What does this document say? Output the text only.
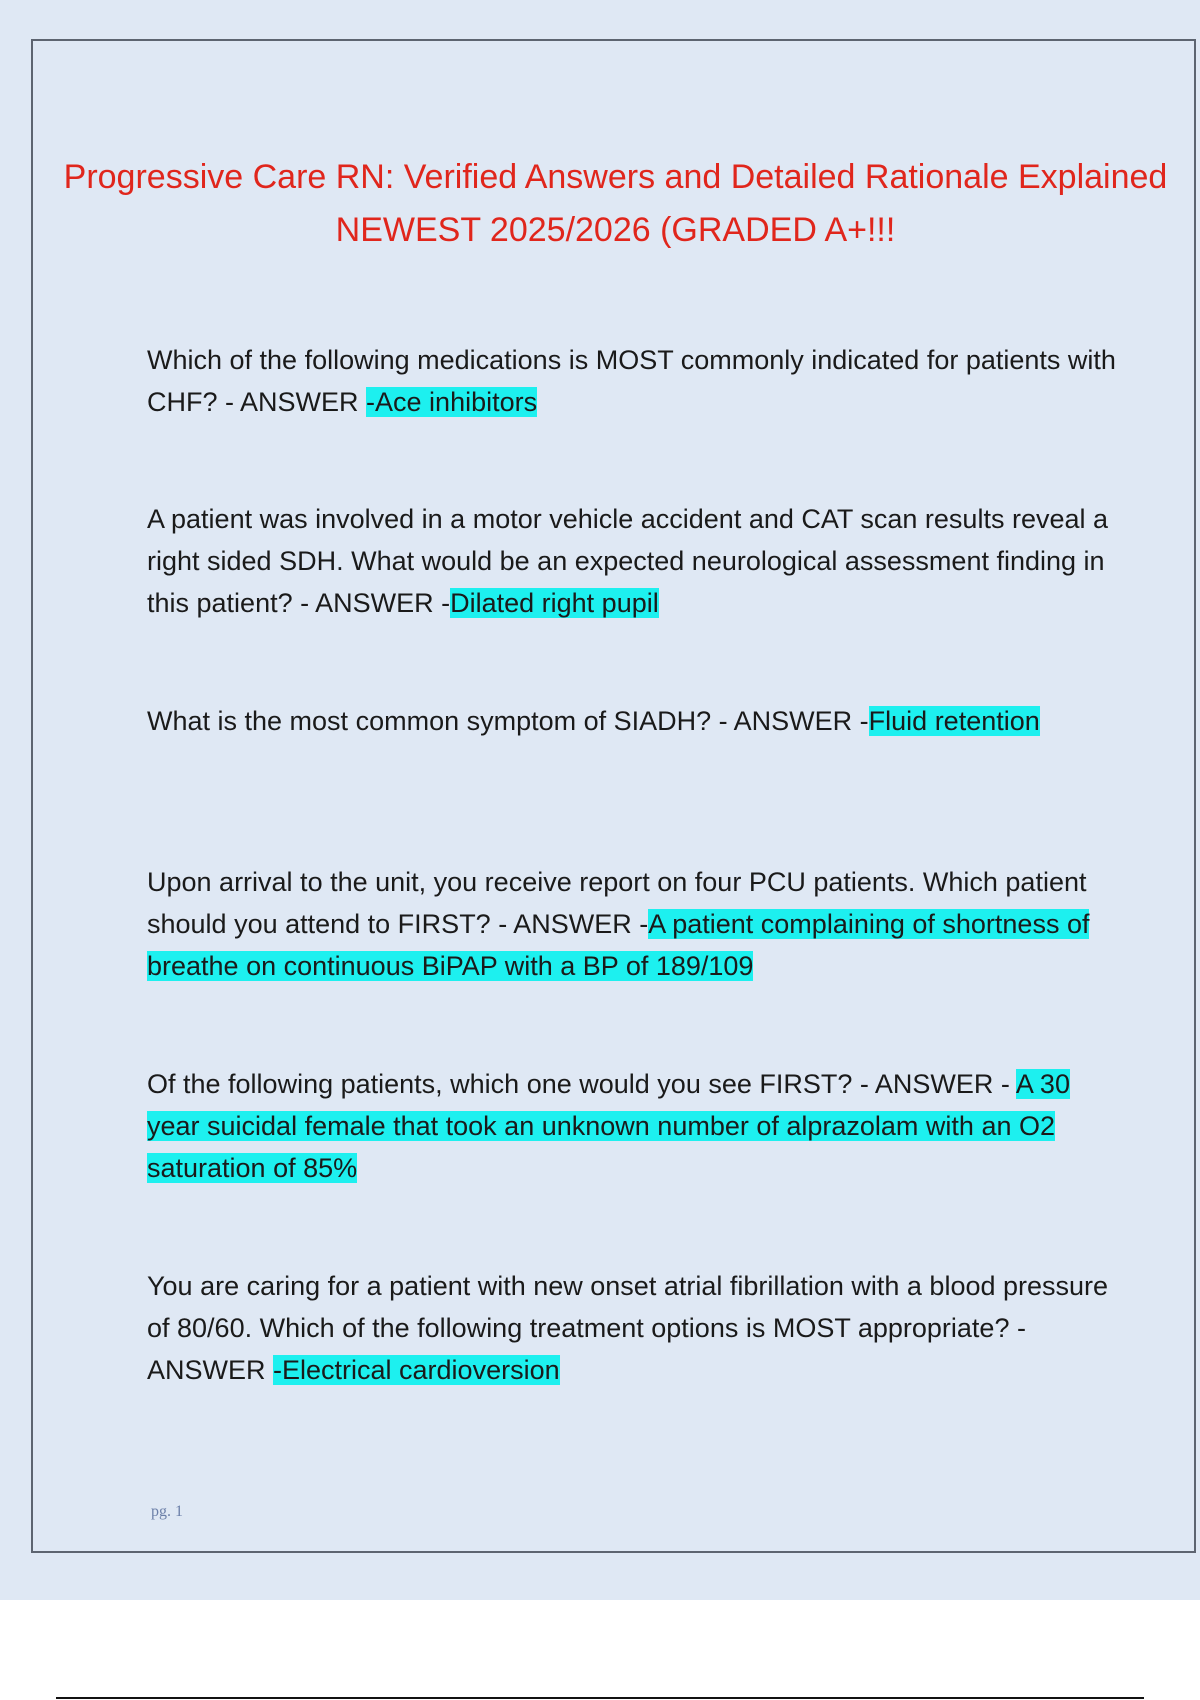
Progressive Care RN: Verified Answers and Detailed Rationale Explained NEWEST 2025/2026 (GRADED A+!!!
Which of the following medications is MOST commonly indicated for patients with CHF? - ANSWER -Ace inhibitors
A patient was involved in a motor vehicle accident and CAT scan results reveal a right sided SDH. What would be an expected neurological assessment finding in this patient? - ANSWER -Dilated right pupil
What is the most common symptom of SIADH? - ANSWER -Fluid retention
Upon arrival to the unit, you receive report on four PCU patients. Which patient should you attend to FIRST? - ANSWER -A patient complaining of shortness of breathe on continuous BiPAP with a BP of 189/109
Of the following patients, which one would you see FIRST? - ANSWER - A 30 year suicidal female that took an unknown number of alprazolam with an O2 saturation of 85%
You are caring for a patient with new onset atrial fibrillation with a blood pressure of 80/60. Which of the following treatment options is MOST appropriate? - ANSWER -Electrical cardioversion
pg. 1
